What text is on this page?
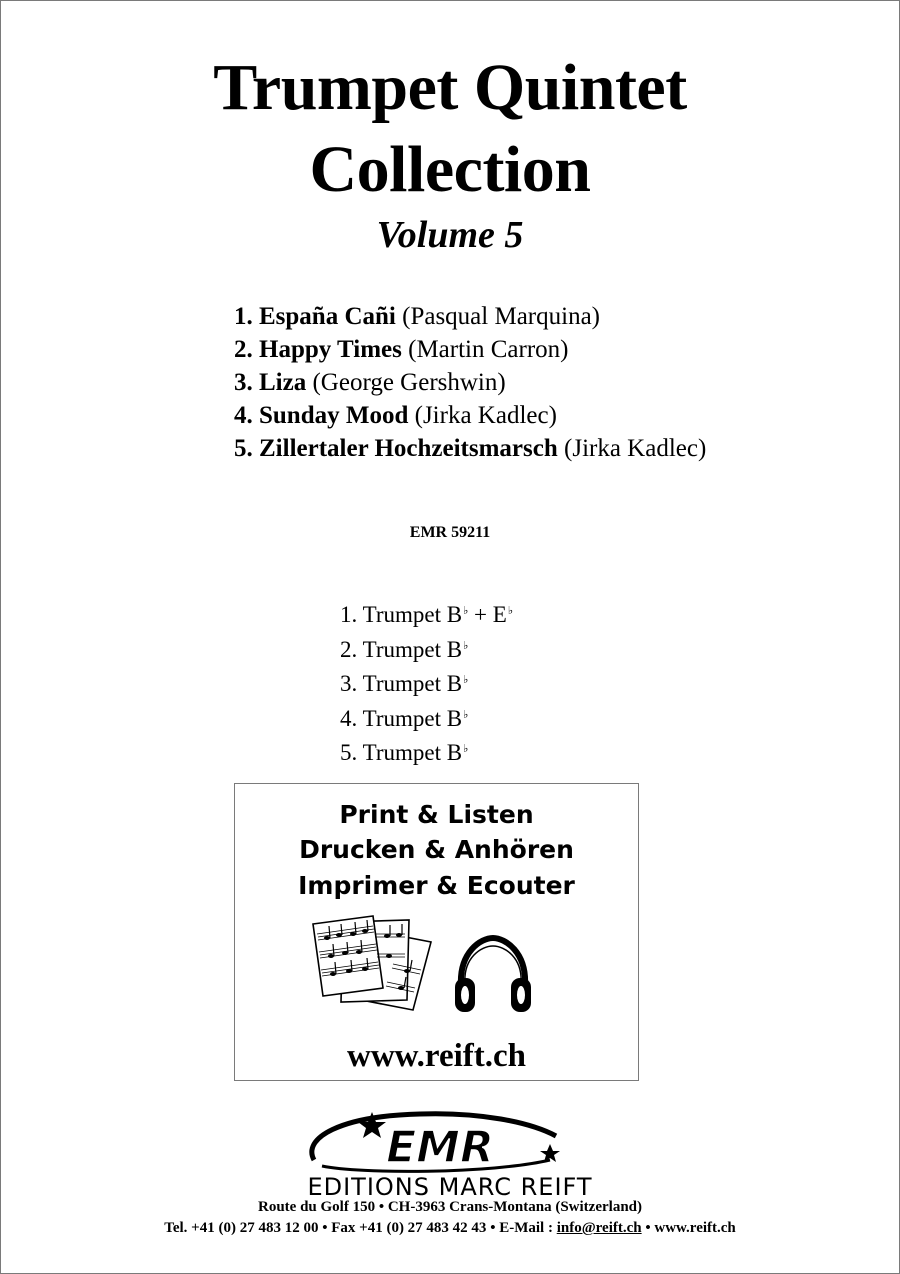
Trumpet Quintet
Collection
Volume 5
1. España Cañi (Pasqual Marquina)
2. Happy Times (Martin Carron)
3. Liza (George Gershwin)
4. Sunday Mood (Jirka Kadlec)
5. Zillertaler Hochzeitsmarsch (Jirka Kadlec)
EMR 59211
1. Trumpet B♭ + E♭
2. Trumpet B♭
3. Trumpet B♭
4. Trumpet B♭
5. Trumpet B♭
Print & Listen
Drucken & Anhören
Imprimer & Ecouter
www.reift.ch
EMR
EDITIONS MARC REIFT
Route du Golf 150 • CH-3963 Crans-Montana (Switzerland)
Tel. +41 (0) 27 483 12 00 • Fax +41 (0) 27 483 42 43 • E-Mail : info@reift.ch • www.reift.ch
